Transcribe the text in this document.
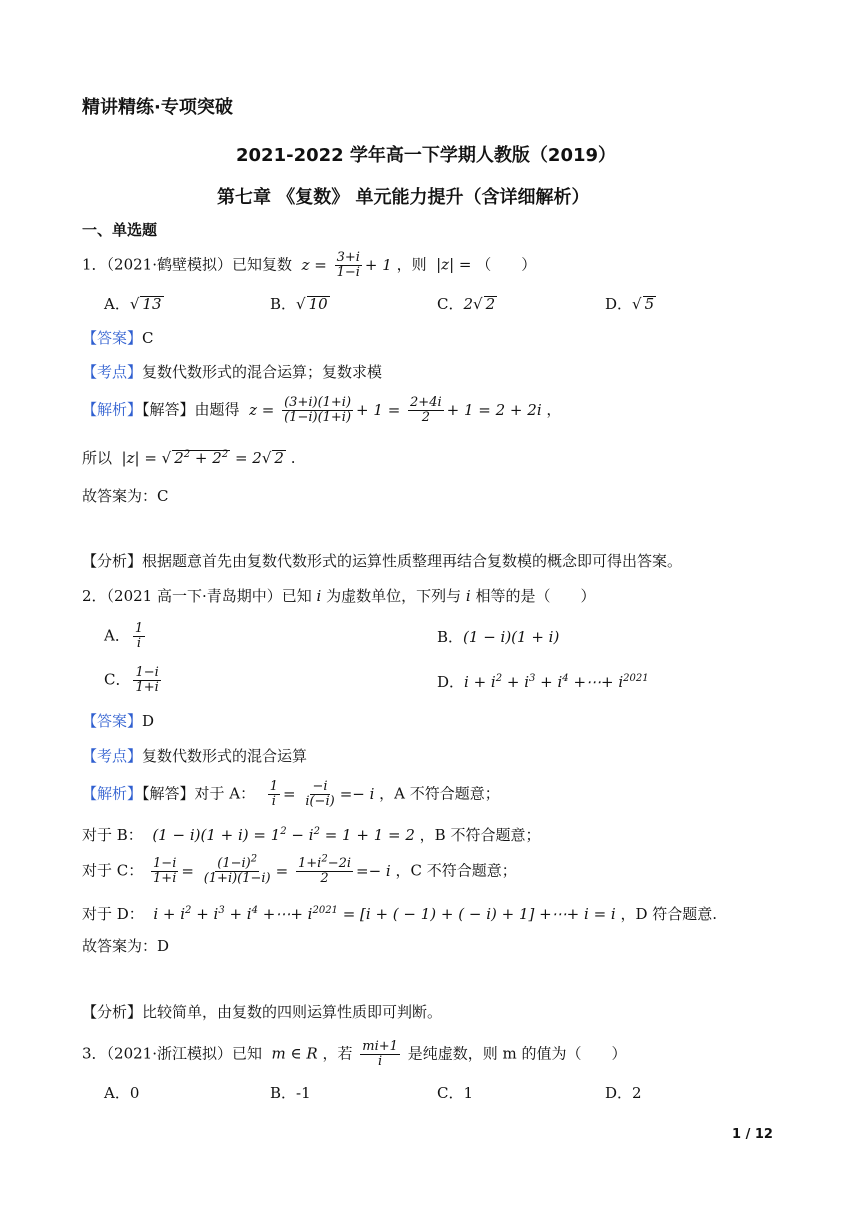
精讲精练·专项突破
2021-2022 学年高一下学期人教版（2019）
第七章 《复数》 单元能力提升（含详细解析）
一、单选题
1．（2021·鹤壁模拟）已知复数  $z = \frac{3+i}{1-i} + 1$ ，则  |z| = （　　）
A．√ 13	B．√ 10	C．2√ 2	D．√ 5
【答案】C
【考点】复数代数形式的混合运算；复数求模
【解析】【解答】由题得  $z = \frac{(3+i)(1+i)}{(1-i)(1+i)} + 1 = \frac{2+4i}{2} + 1 = 2 + 2i$ ，
所以  |z| = √ $2^2 + 2^2 = 2√$ 2 .
故答案为：C
【分析】根据题意首先由复数代数形式的运算性质整理再结合复数模的概念即可得出答案。
2．（2021 高一下·青岛期中）已知 i 为虚数单位，下列与 i 相等的是（　　）
A． $\frac{1}{i}$	B．(1 − i)(1 + i)
C． $\frac{1-i}{1+i}$	D．$i + i^2 + i^3 + i^4$ +⋯+ $i^{2021}$
【答案】D
【考点】复数代数形式的混合运算
【解析】【解答】对于 A： $\frac{1}{i} = \frac{-i}{i(-i)} =- i$ ，A 不符合题意；
对于 B：  $(1 - i)(1 + i) = 1^2 - i^2 = 1 + 1 = 2$ ，B 不符合题意；
对于 C： $\frac{1-i}{1+i} = \frac{(1-i)^2}{(1+i)(1-i)} = \frac{1+i^2-2i}{2} =- i$ ，C 不符合题意；
对于 D：  $i + i^2 + i^3 + i^4$ +⋯+ $i^{2021} = [i$ + ( − 1) + ( − i) + 1] +⋯+ i = i ，D 符合题意.
故答案为：D
【分析】比较简单，由复数的四则运算性质即可判断。
3．（2021·浙江模拟）已知  m ∈ R ，若 $\frac{mi+1}{i}$ 是纯虚数，则 m 的值为（　　）
A．0	B．-1	C．1	D．2
1 / 12
